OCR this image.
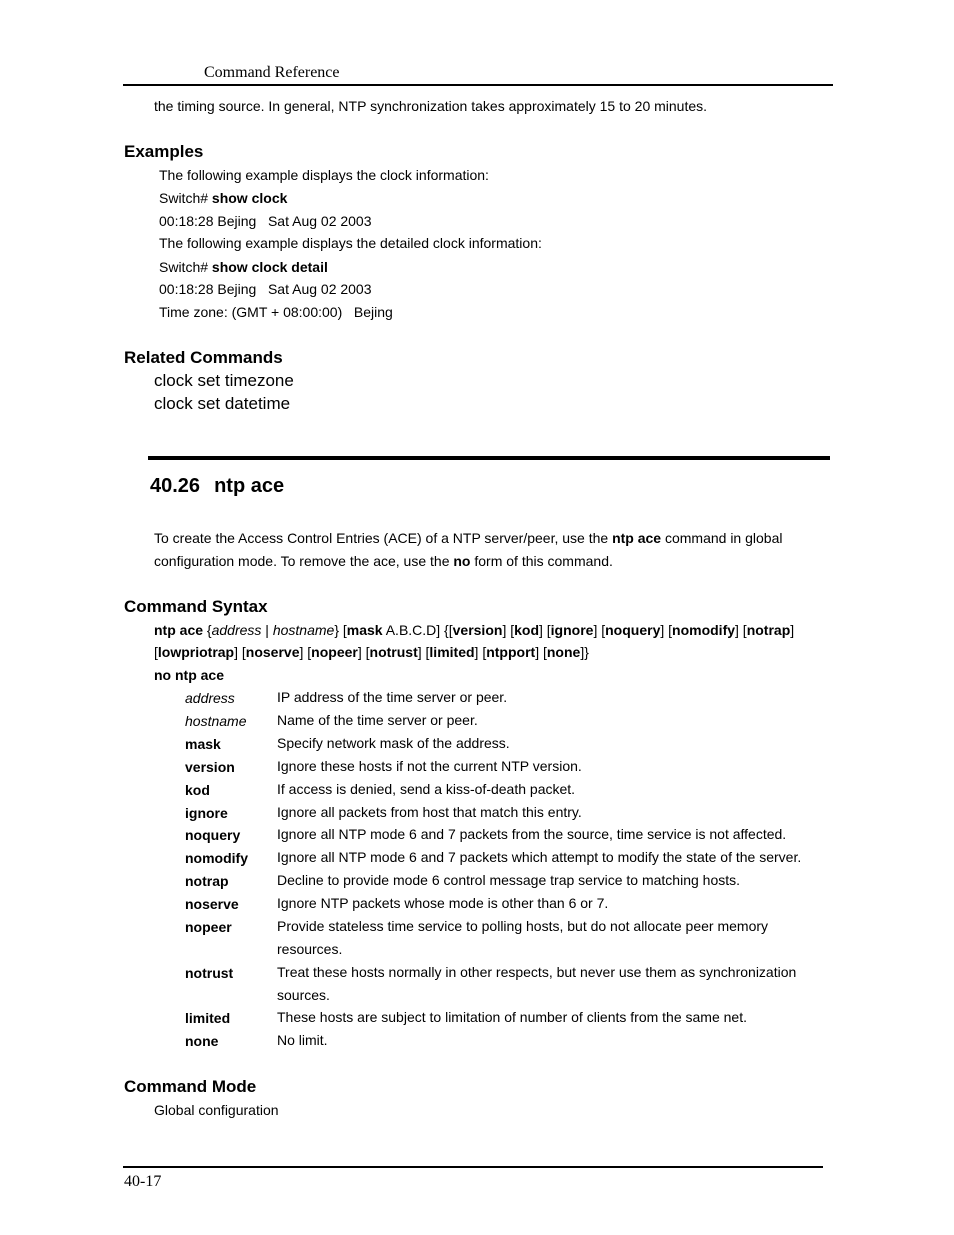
Command Reference
the timing source. In general, NTP synchronization takes approximately 15 to 20 minutes.
Examples
The following example displays the clock information:
Switch# show clock
00:18:28 Bejing   Sat Aug 02 2003
The following example displays the detailed clock information:
Switch# show clock detail
00:18:28 Bejing   Sat Aug 02 2003
Time zone: (GMT + 08:00:00)   Bejing
Related Commands
clock set timezone
clock set datetime
40.26 ntp ace
To create the Access Control Entries (ACE) of a NTP server/peer, use the ntp ace command in global
configuration mode. To remove the ace, use the no form of this command.
Command Syntax
ntp ace {address | hostname} [mask A.B.C.D] {[version] [kod] [ignore] [noquery] [nomodify] [notrap]
[lowpriotrap] [noserve] [nopeer] [notrust] [limited] [ntpport] [none]}
no ntp ace
address	IP address of the time server or peer.
hostname Name of the time server or peer.
mask	Specify network mask of the address.
version	Ignore these hosts if not the current NTP version.
kod	If access is denied, send a kiss-of-death packet.
ignore	Ignore all packets from host that match this entry.
noquery	Ignore all NTP mode 6 and 7 packets from the source, time service is not affected.
nomodify Ignore all NTP mode 6 and 7 packets which attempt to modify the state of the server.
notrap	Decline to provide mode 6 control message trap service to matching hosts.
noserve	Ignore NTP packets whose mode is other than 6 or 7.
nopeer	Provide stateless time service to polling hosts, but do not allocate peer memory resources.
notrust	Treat these hosts normally in other respects, but never use them as synchronization sources.
limited	These hosts are subject to limitation of number of clients from the same net.
none	No limit.
Command Mode
Global configuration
40-17
